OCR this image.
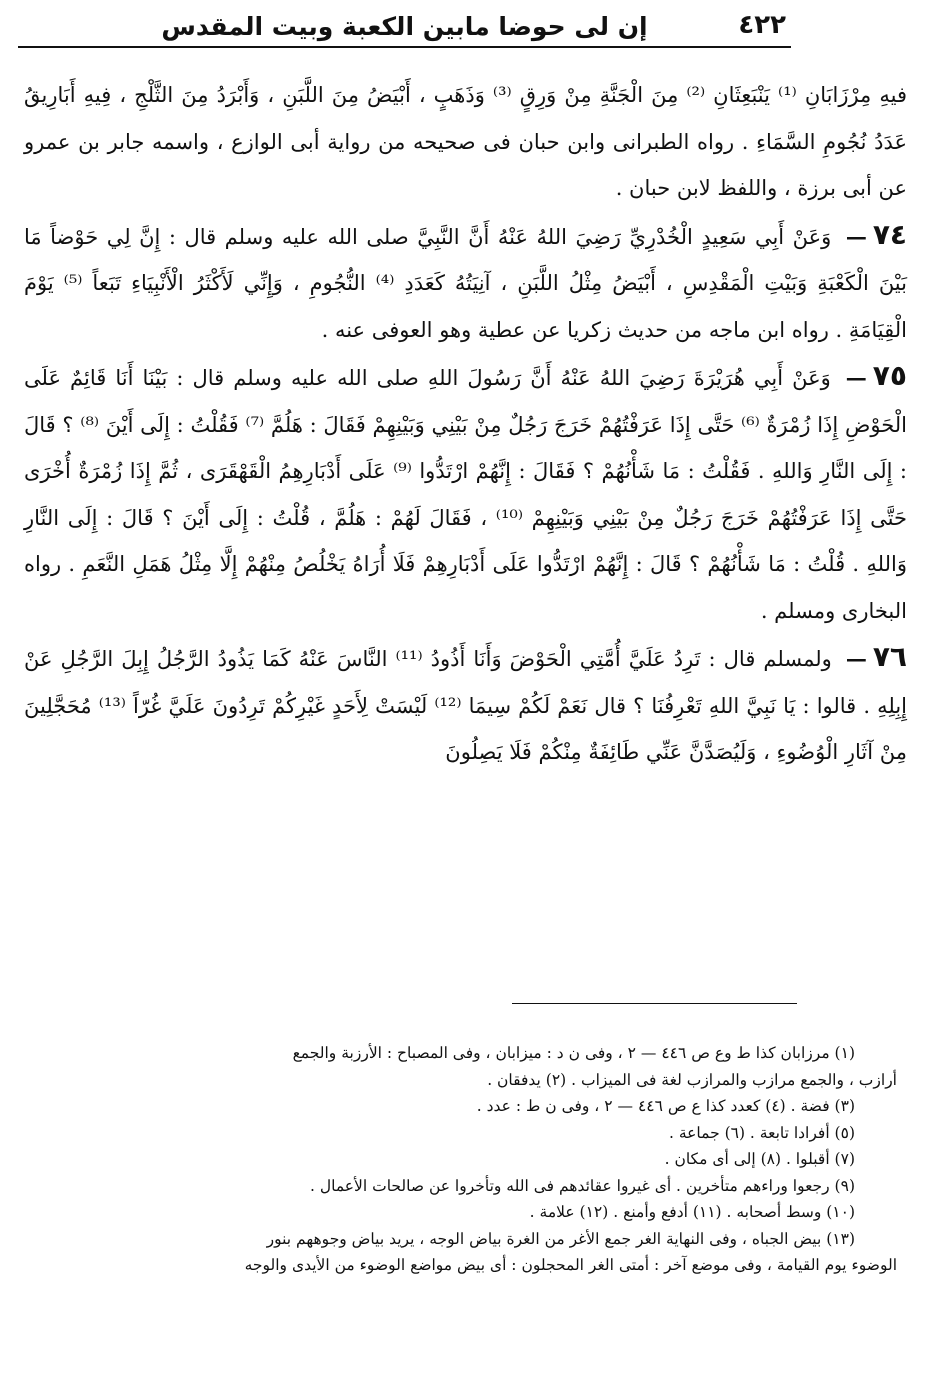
٤٢٢
إن لى حوضا مابين الكعبة وبيت المقدس

فيهِ مِرْزَابَانِ ⁽¹⁾ يَنْبَعِثَانِ ⁽²⁾ مِنَ الْجَنَّةِ مِنْ وَرِقٍ ⁽³⁾ وَذَهَبٍ ، أَبْيَضُ مِنَ اللَّبَنِ ، وَأَبْرَدُ مِنَ الثَّلْجِ ، فِيهِ أَبَارِيقُ عَدَدُ نُجُومِ السَّمَاءِ . رواه الطبرانى وابن حبان فى صحيحه من رواية أبى الوازع ، واسمه جابر بن عمرو عن أبى برزة ، واللفظ لابن حبان .

٧٤— وَعَنْ أَبِي سَعِيدٍ الْخُدْرِيِّ رَضِيَ اللهُ عَنْهُ أَنَّ النَّبِيَّ صلى الله عليه وسلم قال : إِنَّ لِي حَوْضاً مَا بَيْنَ الْكَعْبَةِ وَبَيْتِ الْمَقْدِسِ ، أَبْيَضُ مِثْلُ اللَّبَنِ ، آنِيَتُهُ كَعَدَدِ ⁽⁴⁾ النُّجُومِ ، وَإِنِّي لَأَكْثَرُ الْأَنْبِيَاءِ تَبَعاً ⁽⁵⁾ يَوْمَ الْقِيَامَةِ . رواه ابن ماجه من حديث زكريا عن عطية وهو العوفى عنه .

٧٥— وَعَنْ أَبِي هُرَيْرَةَ رَضِيَ اللهُ عَنْهُ أَنَّ رَسُولَ اللهِ صلى الله عليه وسلم قال : بَيْنَا أَنَا قَائِمٌ عَلَى الْحَوْضِ إِذَا زُمْرَةٌ ⁽⁶⁾ حَتَّى إِذَا عَرَفْتُهُمْ خَرَجَ رَجُلٌ مِنْ بَيْنِي وَبَيْنِهِمْ فَقَالَ : هَلُمَّ ⁽⁷⁾ فَقُلْتُ : إِلَى أَيْنَ ⁽⁸⁾ ؟ قَالَ : إِلَى النَّارِ وَاللهِ . فَقُلْتُ : مَا شَأْنُهُمْ ؟ فَقَالَ : إِنَّهُمْ ارْتَدُّوا ⁽⁹⁾ عَلَى أَدْبَارِهِمُ الْقَهْقَرَى ، ثُمَّ إِذَا زُمْرَةٌ أُخْرَى حَتَّى إِذَا عَرَفْتُهُمْ خَرَجَ رَجُلٌ مِنْ بَيْنِي وَبَيْنِهِمْ ⁽¹⁰⁾ ، فَقَالَ لَهُمْ : هَلُمَّ ، قُلْتُ : إِلَى أَيْنَ ؟ قَالَ : إِلَى النَّارِ وَاللهِ . قُلْتُ : مَا شَأْنُهُمْ ؟ قَالَ : إِنَّهُمْ ارْتَدُّوا عَلَى أَدْبَارِهِمْ فَلَا أُرَاهُ يَخْلُصُ مِنْهُمْ إِلَّا مِثْلُ هَمَلِ النَّعَمِ . رواه البخارى ومسلم .

٧٦— ولمسلم قال : تَرِدُ عَلَيَّ أُمَّتِي الْحَوْضَ وَأَنَا أَذُودُ ⁽¹¹⁾ النَّاسَ عَنْهُ كَمَا يَذُودُ الرَّجُلُ إِبِلَ الرَّجُلِ عَنْ إِبِلِهِ . قالوا : يَا نَبِيَّ اللهِ تَعْرِفُنَا ؟ قال نَعَمْ لَكُمْ سِيمَا ⁽¹²⁾ لَيْسَتْ لِأَحَدٍ غَيْرِكُمْ تَرِدُونَ عَلَيَّ غُرّاً ⁽¹³⁾ مُحَجَّلِينَ مِنْ آثَارِ الْوُضُوءِ ، وَلَيُصَدَّنَّ عَنِّي طَائِفَةٌ مِنْكُمْ فَلَا يَصِلُونَ

(١) مرزابان كذا ط وع ص ٤٤٦ — ٢ ، وفى ن د : ميزابان ، وفى المصباح : الأرزبة والجمع

أرازب ، والجمع مرازب والمرازب لغة فى الميزاب . (٢) يدفقان .

(٣) فضة . (٤) كعدد كذا ع ص ٤٤٦ — ٢ ، وفى ن ط : عدد .

(٥) أفرادا تابعة . (٦) جماعة .

(٧) أقبلوا . (٨) إلى أى مكان .

(٩) رجعوا وراءهم متأخرين . أى غيروا عقائدهم فى الله وتأخروا عن صالحات الأعمال .

(١٠) وسط أصحابه . (١١) أدفع وأمنع . (١٢) علامة .

(١٣) بيض الجباه ، وفى النهاية الغر جمع الأغر من الغرة بياض الوجه ، يريد بياض وجوههم بنور

الوضوء يوم القيامة ، وفى موضع آخر : أمتى الغر المحجلون : أى بيض مواضع الوضوء من الأيدى والوجه
